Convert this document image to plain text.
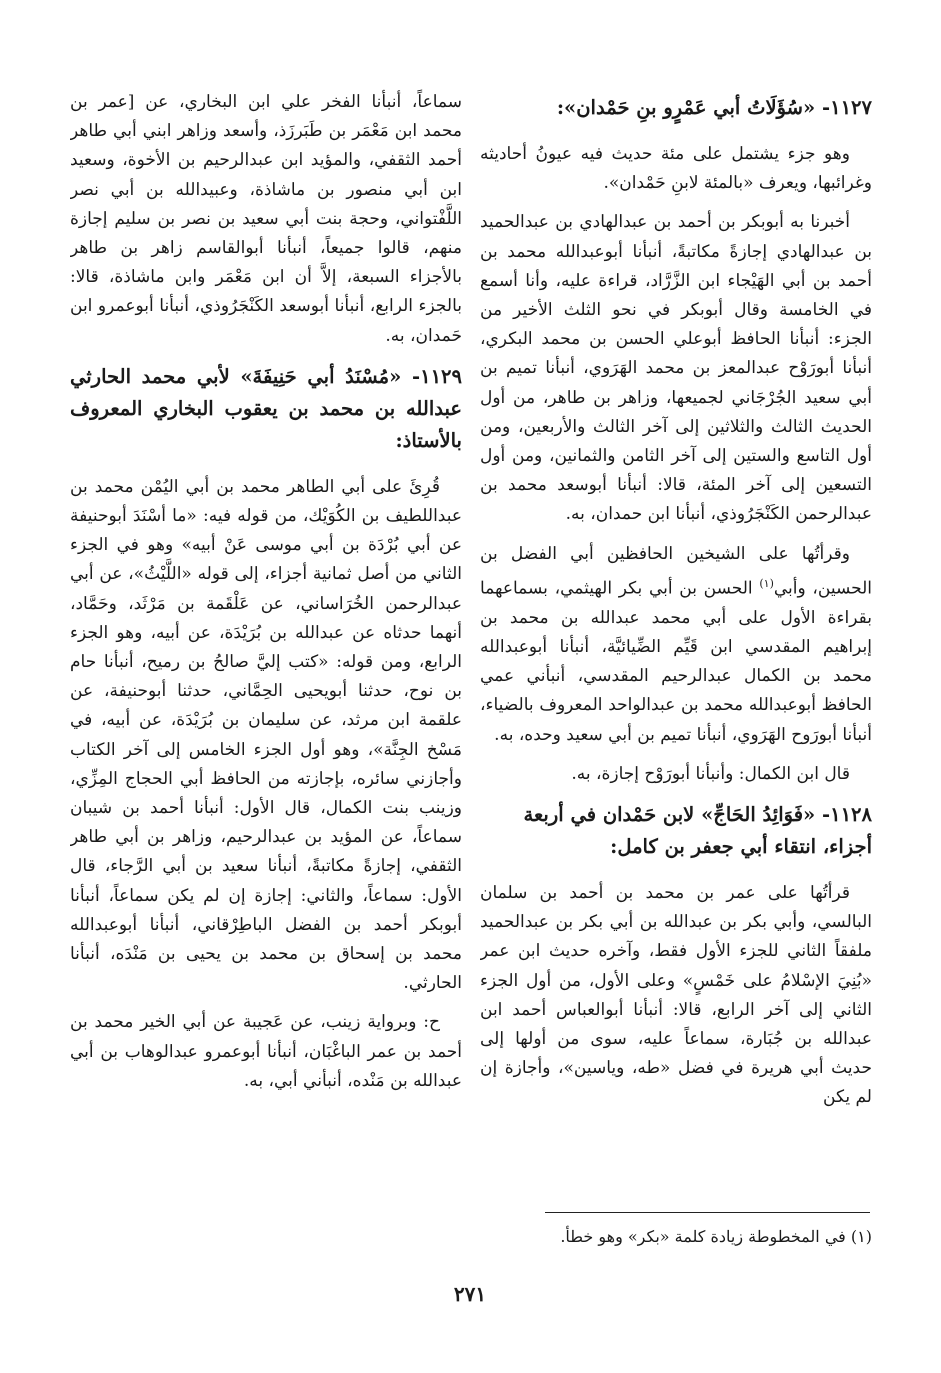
١١٢٧- «سُؤَلَاتُ أبي عَمْرٍو بنِ حَمْدان»:

وهو جزء يشتمل على مئة حديث فيه عيونُ أحاديثه وغرائبها، ويعرف «بالمئة لابنِ حَمْدان».

أخبرنا به أبوبكر بن أحمد بن عبدالهادي بن عبدالحميد بن عبدالهادي إجازةً مكاتبةً، أنبأنا أبوعبدالله محمد بن أحمد بن أبي الهَيْجاء ابن الزَّرَّاد، قراءة عليه، وأنا أسمع في الخامسة وقال أبوبكر في نحو الثلث الأخير من الجزء: أنبأنا الحافظ أبوعلي الحسن بن محمد البكري، أنبأنا أبورَوْح عبدالمعز بن محمد الهَرَوي، أنبأنا تميم بن أبي سعيد الجُرْجَاني لجميعها، وزاهر بن طاهر، من أول الحديث الثالث والثلاثين إلى آخر الثالث والأربعين، ومن أول التاسع والستين إلى آخر الثامن والثمانين، ومن أول التسعين إلى آخر المئة، قالا: أنبأنا أبوسعد محمد بن عبدالرحمن الكَنْجَرُوذي، أنبأنا ابن حمدان، به.

وقرأتُها على الشيخين الحافظين أبي الفضل بن الحسين، وأبي$^{(١)}$ الحسن بن أبي بكر الهيثمي، بسماعهما بقراءة الأول على أبي محمد عبدالله بن محمد بن إبراهيم المقدسي ابن قَيِّم الضِّيائيَّة، أنبأنا أبوعبدالله محمد بن الكمال عبدالرحيم المقدسي، أنبأني عمي الحافظ أبوعبدالله محمد بن عبدالواحد المعروف بالضياء، أنبأنا أبورَوح الهَرَوي، أنبأنا تميم بن أبي سعيد وحده، به.

قال ابن الكمال: وأنبأنا أبورَوْح إجازة، به.

١١٢٨- «فَوَائِدُ الحَاجِّ» لابن حَمْدان في أربعة أجزاء، انتقاء أبي جعفر بن كامل:

قرأتُها على عمر بن محمد بن أحمد بن سلمان البالسي، وأبي بكر بن عبدالله بن أبي بكر بن عبدالحميد ملفقاً الثاني للجزء الأول فقط، وآخره حديث ابن عمر «بُنِيَ الإسْلامُ على خَمْسٍ» وعلى الأول، من أول الجزء الثاني إلى آخر الرابع، قالا: أنبأنا أبوالعباس أحمد ابن عبدالله بن جُبَارة، سماعاً عليه، سوى من أولها إلى حديث أبي هريرة في فضل «طه، وياسين»، وأجازة إن لم يكن

سماعاً، أنبأنا الفخر علي ابن البخاري، عن [عمر بن محمد ابن مَعْمَر بن طَبَرزَذ، وأسعد وزاهر ابني أبي طاهر أحمد الثقفي، والمؤيد ابن عبدالرحيم بن الأخوة، وسعيد ابن أبي منصور بن ماشاذة، وعبيدالله بن أبي نصر اللَّفْتواني، وحجة بنت أبي سعيد بن نصر بن سليم إجازة منهم، قالوا جميعاً، أنبأنا أبوالقاسم زاهر بن طاهر بالأجزاء السبعة، إلاَّ أن ابن مَعْمَر وابن ماشاذة، قالا: بالجزء الرابع، أنبأنا أبوسعد الكَنْجَرُوذي، أنبأنا أبوعمرو ابن حَمدان، به.

١١٢٩- «مُسْنَدُ أبي حَنِيفَةَ» لأبي محمد الحارثي عبدالله بن محمد بن يعقوب البخاري المعروف بالأستاذ:

قُرِئَ على أبي الطاهر محمد بن أبي اليُمْن محمد بن عبداللطيف بن الكُوَيْك، من قوله فيه: «ما أسْنَدَ أبوحنيفة عن أبي بُرْدَة بن أبي موسى عَنْ أبيه» وهو في الجزء الثاني من أصل ثمانية أجزاء، إلى قوله «اللَّيْثُ»، عن أبي عبدالرحمن الخُرَاساني، عن عَلْقَمة بن مَرْثَد، وحَمَّاد، أنهما حدثاه عن عبدالله بن بُرَيْدَة، عن أبيه، وهو الجزء الرابع، ومن قوله: «كتب إليَّ صالحُ بن رميح، أنبأنا حام بن نوح، حدثنا أبويحيى الحِمَّاني، حدثنا أبوحنيفة، عن علقمة ابن مرثد، عن سليمان بن بُرَيْدَة، عن أبيه، في مَسْخ الجِنَّة»، وهو أول الجزء الخامس إلى آخر الكتاب وأجازني سائره، بإجازته من الحافظ أبي الحجاج المِزِّي، وزينب بنت الكمال، قال الأول: أنبأنا أحمد بن شيبان سماعاً، عن المؤيد بن عبدالرحيم، وزاهر بن أبي طاهر الثقفي، إجازةً مكاتبةً، أنبأنا سعيد بن أبي الرَّجاء، قال الأول: سماعاً، والثاني: إجازة إن لم يكن سماعاً، أنبأنا أبوبكر أحمد بن الفضل الباطِرْقاني، أنبأنا أبوعبدالله محمد بن إسحاق بن محمد بن يحيى بن مَنْدَه، أنبأنا الحارثي.

ح: وبرواية زينب، عن عَجيبة عن أبي الخير محمد بن أحمد بن عمر الباغْبَان، أنبأنا أبوعمرو عبدالوهاب بن أبي عبدالله بن مَنْده، أنبأني أبي، به.

(١) في المخطوطة زيادة كلمة «بكر» وهو خطأ.
٢٧١
